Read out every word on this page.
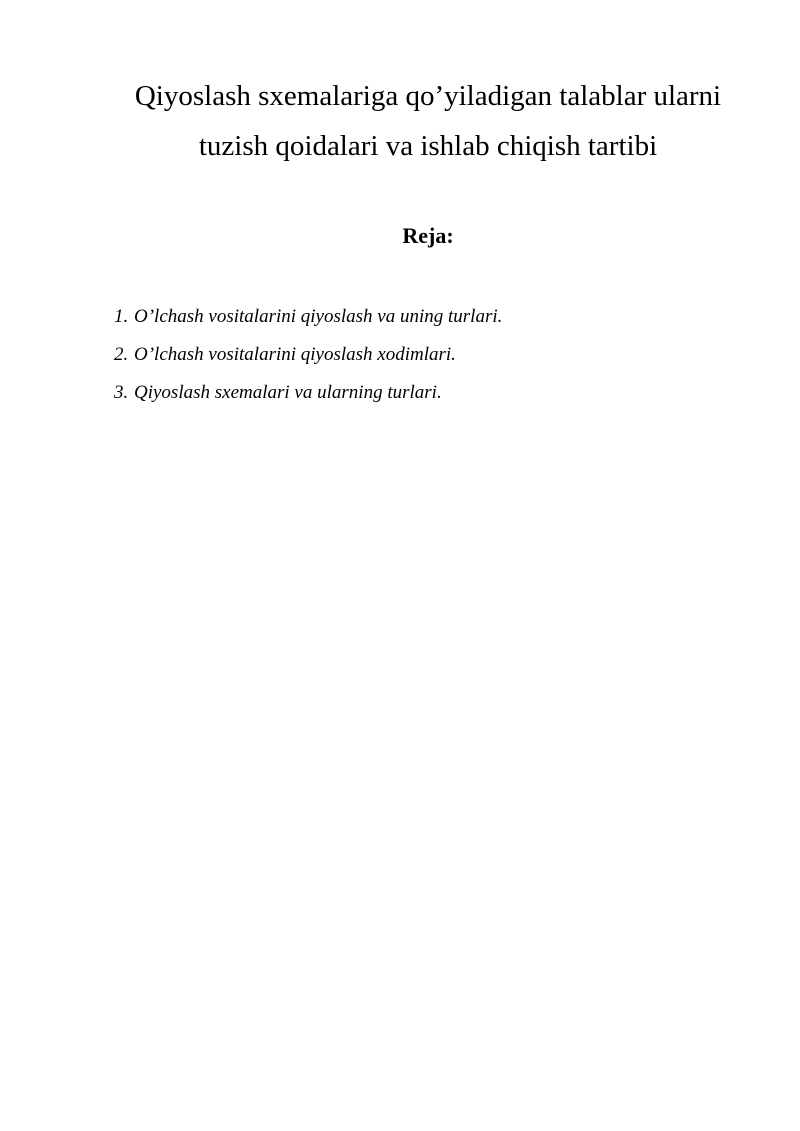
Qiyoslash sxemalariga qo’yiladigan talablar ularni
tuzish qoidalari va ishlab chiqish tartibi
Reja:
1. O’lchash vositalarini qiyoslash va uning turlari.
2. O’lchash vositalarini qiyoslash xodimlari.
3. Qiyoslash sxemalari va ularning turlari.
